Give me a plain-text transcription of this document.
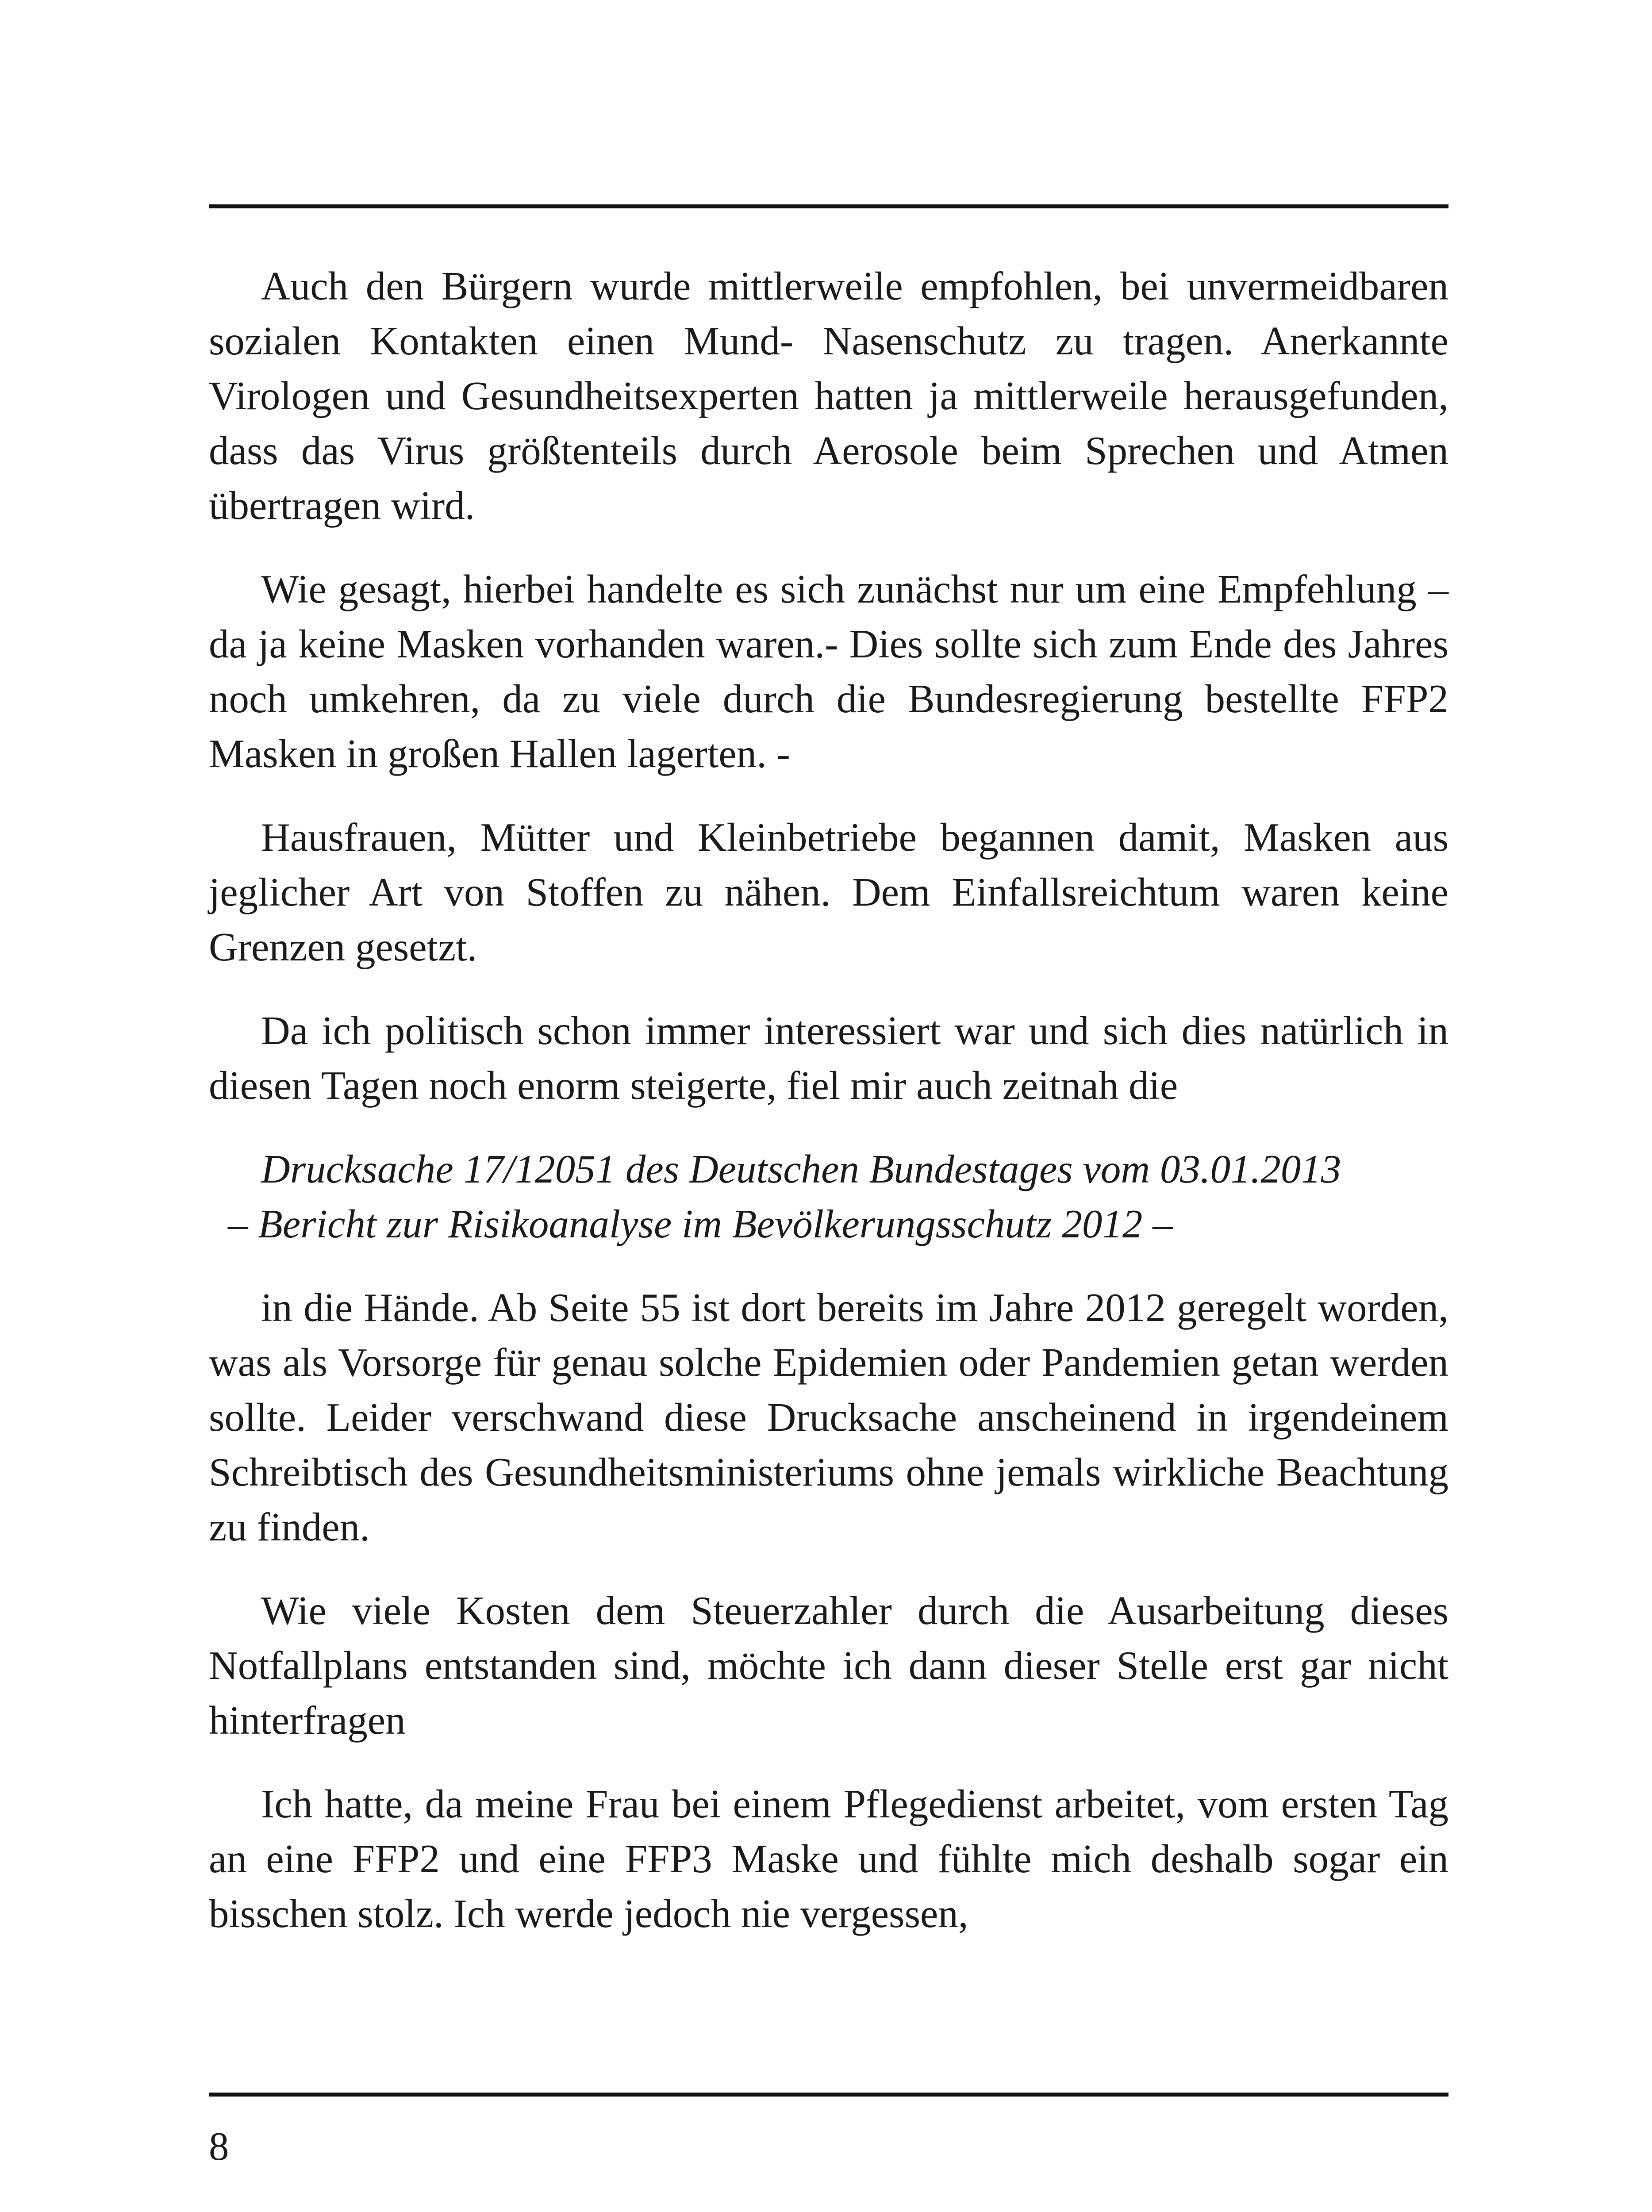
Auch den Bürgern wurde mittlerweile empfohlen, bei unvermeidbaren sozialen Kontakten einen Mund- Nasenschutz zu tragen. Anerkannte Virologen und Gesundheitsexperten hatten ja mittlerweile herausgefunden, dass das Virus größtenteils durch Aerosole beim Sprechen und Atmen übertragen wird.

Wie gesagt, hierbei handelte es sich zunächst nur um eine Empfehlung – da ja keine Masken vorhanden waren.- Dies sollte sich zum Ende des Jahres noch umkehren, da zu viele durch die Bundesregierung bestellte FFP2 Masken in großen Hallen lagerten. -

Hausfrauen, Mütter und Kleinbetriebe begannen damit, Masken aus jeglicher Art von Stoffen zu nähen. Dem Einfallsreichtum waren keine Grenzen gesetzt.

Da ich politisch schon immer interessiert war und sich dies natürlich in diesen Tagen noch enorm steigerte, fiel mir auch zeitnah die

Drucksache 17/12051 des Deutschen Bundestages vom 03.01.2013
– Bericht zur Risikoanalyse im Bevölkerungsschutz 2012 –

in die Hände. Ab Seite 55 ist dort bereits im Jahre 2012 geregelt worden, was als Vorsorge für genau solche Epidemien oder Pandemien getan werden sollte. Leider verschwand diese Drucksache anscheinend in irgendeinem Schreibtisch des Gesundheitsministeriums ohne jemals wirkliche Beachtung zu finden.

Wie viele Kosten dem Steuerzahler durch die Ausarbeitung dieses Notfallplans entstanden sind, möchte ich dann dieser Stelle erst gar nicht hinterfragen

Ich hatte, da meine Frau bei einem Pflegedienst arbeitet, vom ersten Tag an eine FFP2 und eine FFP3 Maske und fühlte mich deshalb sogar ein bisschen stolz. Ich werde jedoch nie vergessen,

8
